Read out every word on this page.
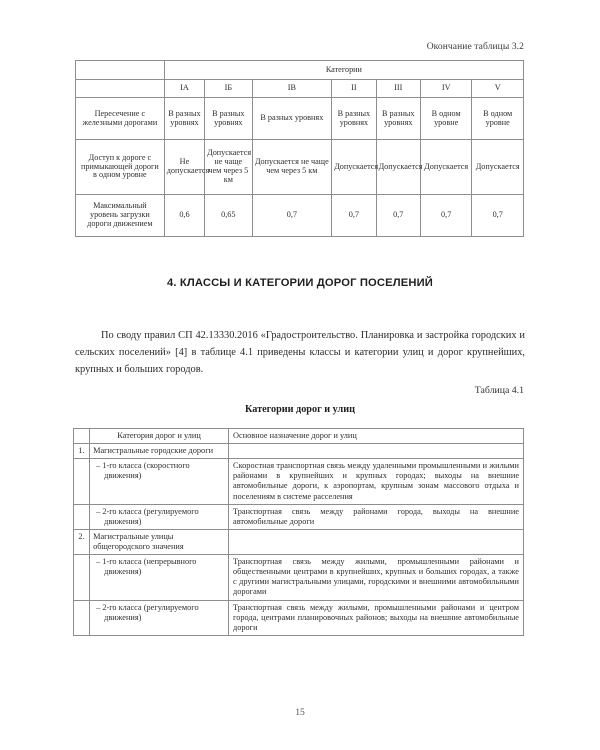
Окончание таблицы 3.2
	Категории						
	IА	IБ	IВ	II	III	IV	V
Пересечение с железными дорогами	В разных уровнях	В разных уровнях	В разных уровнях	В разных уровнях	В разных уровнях	В одном уровне	В одном уровне
Доступ к дороге с примыкающей дороги в одном уровне	Не допускается	Допускается не чаще чем через 5 км	Допускается не чаще чем через 5 км	Допускается	Допускается	Допускается	Допускается
Максимальный уровень загрузки дороги движением	0,6	0,65	0,7	0,7	0,7	0,7	0,7
4. КЛАССЫ И КАТЕГОРИИ ДОРОГ ПОСЕЛЕНИЙ

По своду правил СП 42.13330.2016 «Градостроительство. Планировка и застройка городских и сельских поселений» [4] в таблице 4.1 приведены классы и категории улиц и дорог крупнейших, крупных и больших городов.

Таблица 4.1
Категории дорог и улиц
	Категория дорог и улиц	Основное назначение дорог и улиц
1.	Магистральные городские дороги	
	– 1-го класса (скоростного движения)	Скоростная транспортная связь между удаленными промышленными и жилыми районами в крупнейших и крупных городах; выходы на внешние автомобильные дороги, к аэропортам, крупным зонам массового отдыха и поселениям в системе расселения
	– 2-го класса (регулируемого движения)	Транспортная связь между районами города, выходы на внешние автомобильные дороги
2.	Магистральные улицы общегородского значения	
	– 1-го класса (непрерывного движения)	Транспортная связь между жилыми, промышленными районами и общественными центрами в крупнейших, крупных и больших городах, а также с другими магистральными улицами, городскими и внешними автомобильными дорогами
	– 2-го класса (регулируемого движения)	Транспортная связь между жилыми, промышленными районами и центром города, центрами планировочных районов; выходы на внешние автомобильные дороги
15
